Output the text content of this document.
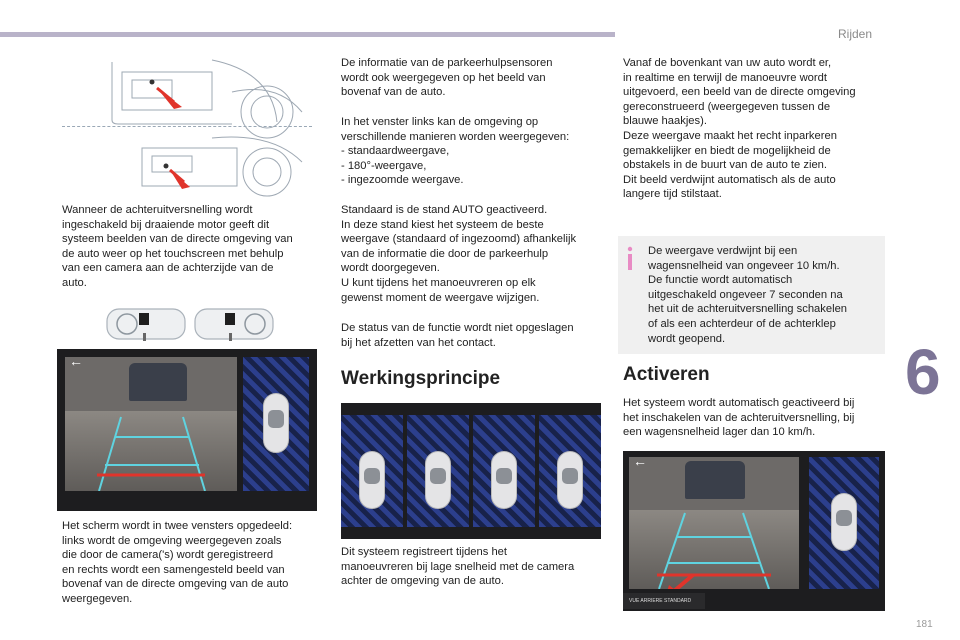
Rijden
6
181
Wanneer de achteruitversnelling wordt
ingeschakeld bij draaiende motor geeft dit
systeem beelden van de directe omgeving van
de auto weer op het touchscreen met behulp
van een camera aan de achterzijde van de
auto.
←
Het scherm wordt in twee vensters opgedeeld:
links wordt de omgeving weergegeven zoals
die door de camera('s) wordt geregistreerd
en rechts wordt een samengesteld beeld van
bovenaf van de directe omgeving van de auto
weergegeven.
De informatie van de parkeerhulpsensoren
wordt ook weergegeven op het beeld van
bovenaf van de auto.
In het venster links kan de omgeving op
verschillende manieren worden weergegeven:
- standaardweergave,
- 180°-weergave,
- ingezoomde weergave.
Standaard is de stand AUTO geactiveerd.
In deze stand kiest het systeem de beste
weergave (standaard of ingezoomd) afhankelijk
van de informatie die door de parkeerhulp
wordt doorgegeven.
U kunt tijdens het manoeuvreren op elk
gewenst moment de weergave wijzigen.
De status van de functie wordt niet opgeslagen
bij het afzetten van het contact.
Werkingsprincipe
Dit systeem registreert tijdens het
manoeuvreren bij lage snelheid met de camera
achter de omgeving van de auto.
Vanaf de bovenkant van uw auto wordt er,
in realtime en terwijl de manoeuvre wordt
uitgevoerd, een beeld van de directe omgeving
gereconstrueerd (weergegeven tussen de
blauwe haakjes).
Deze weergave maakt het recht inparkeren
gemakkelijker en biedt de mogelijkheid de
obstakels in de buurt van de auto te zien.
Dit beeld verdwijnt automatisch als de auto
langere tijd stilstaat.
De weergave verdwijnt bij een
wagensnelheid van ongeveer 10 km/h.
De functie wordt automatisch
uitgeschakeld ongeveer 7 seconden na
het uit de achteruitversnelling schakelen
of als een achterdeur of de achterklep
wordt geopend.
Activeren
Het systeem wordt automatisch geactiveerd bij
het inschakelen van de achteruitversnelling, bij
een wagensnelheid lager dan 10 km/h.
←
VUE ARRIERE STANDARD
